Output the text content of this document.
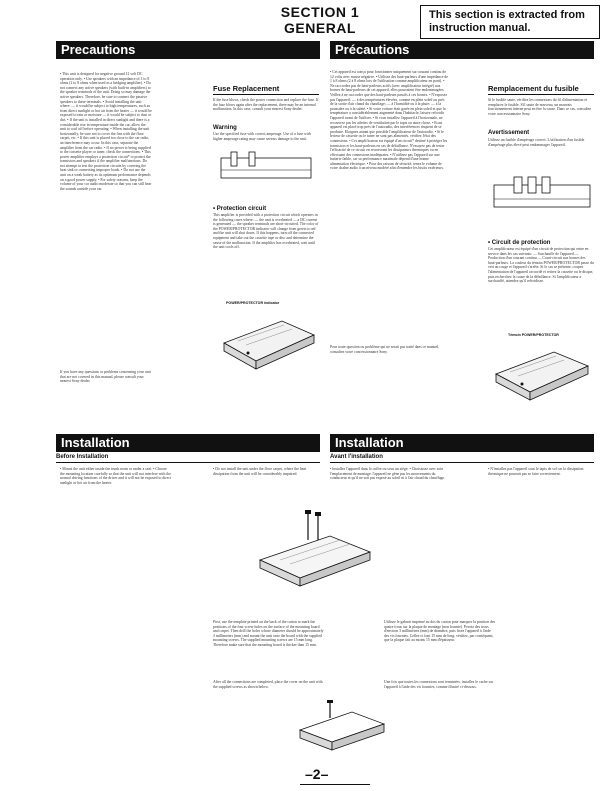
SECTION 1
GENERAL
This section is extracted from instruction manual.
Precautions	Précautions
• This unit is designed for negative ground 12 volt DC operation only. • Use speakers with an impedance of 1 to 8 ohms (2 to 8 ohms when used as a bridging amplifier). • Do not connect any active speakers (with built-in amplifiers) to the speaker terminals of the unit. Doing so may damage the active speakers. Therefore, be sure to connect the passive speakers to these terminals. • Avoid installing the unit where: — it would be subject to high temperatures, such as from direct sunlight or hot air from the heater — it would be exposed to rain or moisture — it would be subject to dust or dirt. • If the unit is installed in direct sunlight and there is a considerable rise in temperature inside the car, allow the unit to cool off before operating. • When installing the unit horizontally, be sure not to cover the fins with the floor carpet, etc. • If this unit is placed too close to the car radio, an interference may occur. In this case, separate the amplifier from the car radio. • If no power is being supplied to the cassette player or tuner, check the connections. • This power amplifier employs a protection circuit* to protect the transistors and speakers if the amplifier malfunctions. Do not attempt to test the protection circuits by covering the heat sink or connecting improper loads. • Do not use the unit on a weak battery as its optimum performance depends on a good power supply. • For safety reasons, keep the volume of your car audio moderate so that you can still hear the sounds outside your car.
If you have any questions or problems concerning your unit that are not covered in this manual, please consult your nearest Sony dealer.
Fuse Replacement
If the fuse blows, check the power connection and replace the fuse. If the fuse blows again after the replacement, there may be an internal malfunction. In this case, consult your nearest Sony dealer.
Warning
Use the specified fuse with correct amperage. Use of a fuse with higher amperage rating may cause serious damage to the unit.
• Protection circuit
This amplifier is provided with a protection circuit which operates in the following cases where: — the unit is overheated — a DC current is generated — the speaker terminals are short-circuited. The color of the POWER/PROTECTOR indicator will change from green to red and the unit will shut down. If this happens, turn off the connected equipment and take out the cassette tape or disc and determine the cause of the malfunction. If the amplifier has overheated, wait until the unit cools off.
POWER/PROTECTOR indicator
• Cet appareil est conçu pour fonctionner uniquement sur courant continu de 12 volts avec masse négative. • Utilisez des haut-parleurs d'une impédance de 1 à 8 ohms (2 à 8 ohms lors de l'utilisation comme amplificateur en pont). • Ne raccordez pas de haut-parleurs actifs (avec amplificateur intégré) aux bornes de haut-parleurs de cet appareil, elles pourraient être endommagées. Veillez à ne raccorder que des haut-parleurs passifs à ces bornes. • N'exposez pas l'appareil: — à des températures élevées, comme en plein soleil ou près de la sortie d'air chaud du chauffage; — à l'humidité ou à la pluie; — à la poussière ou à la saleté. • Si votre voiture était garée en plein soleil et que la température a considérablement augmenté dans l'habitacle, laissez refroidir l'appareil avant de l'utiliser. • Si vous installez l'appareil à l'horizontale, ne recouvrez pas les ailettes de ventilation par le tapis ou autre chose. • Ecart appareil est placé trop près de l'autoradio, des interférences risquent de se produire. Eloignez autant que possible l'amplificateur de l'autoradio. • Si le lecteur de cassette ou le tuner ne sont pas alimentés, vérifiez l'état des connexions. • Cet amplificateur est équipé d'un circuit* destiné à protéger les transistors et les haut-parleurs en cas de défaillance. N'essayez pas de tester l'efficacité de ce circuit en recouvrant les dissipateurs thermiques ou en effectuant des connexions inadéquates. • N'utilisez pas l'appareil sur une batterie faible, car sa performance maximale dépend d'une bonne alimentation électrique. • Pour des raisons de sécurité, tenez le volume de votre chaîne audio à un niveau modéré afin d'entendre les bruits extérieurs.
Pour toute question ou problème qui ne serait pas traité dans ce manuel, consultez votre concessionnaire Sony.
Remplacement du fusible
Si le fusible saute, vérifiez les connexions du fil d'alimentation et remplacez le fusible. S'il saute de nouveau, un mauvais fonctionnement interne peut en être la cause. Dans ce cas, consultez votre concessionnaire Sony.
Avertissement
Utilisez un fusible d'ampérage correct. L'utilisation d'un fusible d'ampérage plus élevé peut endommager l'appareil.
• Circuit de protection
Cet amplificateur est équipé d'un circuit de protection qui entre en service dans les cas suivants: — Surchauffe de l'appareil — Production d'un courant continu — Court-circuit aux bornes des haut-parleurs. La couleur du témoin POWER/PROTECTOR passe du vert au rouge et l'appareil s'arrête. Si le cas se présente, coupez l'alimentation de l'appareil raccordé et retirez la cassette ou le disque, puis recherchez la cause de la défaillance. Si l'amplificateur a surchauffé, attendez qu'il refroidisse.
Témoin POWER/PROTECTOR
Installation	Installation
Before Installation	Avant l'installation
• Mount the unit either inside the trunk room or under a seat. • Choose the mounting location carefully so that the unit will not interfere with the normal driving functions of the driver and it will not be exposed to direct sunlight or hot air from the heater.
• Do not install the unit under the floor carpet, where the heat dissipation from the unit will be considerably impaired.
• Installez l'appareil dans le coffre ou sous un siège. • Choisissez avec soin l'emplacement de montage: l'appareil ne gêne pas les mouvements du conducteur et qu'il ne soit pas exposé au soleil ni à l'air chaud du chauffage.
• N'installez pas l'appareil sous le tapis de sol car la dissipation thermique ne pourrait pas se faire correctement.
First, use the template printed on the back of the carton to mark the positions of the four screw holes on the surface of the mounting board and carpet. Then drill the holes whose diameter should be approximately 3 millimeters (mm) and mount the unit onto the board with the supplied mounting screws. The supplied mounting screws are 15 mm long. Therefore make sure that the mounting board is thicker than 15 mm.
After all the connections are completed, place the cover on the unit with the supplied screws as shown below.
Utilisez le gabarit imprimé au dos du carton pour marquer la position des quatre trous sur la plaque de montage (non fournie). Percez des trous d'environ 3 millimètres (mm) de diamètre, puis fixez l'appareil à l'aide des vis fournies. Celles-ci font 15 mm de long: vérifiez, par conséquent, que la plaque fait au moins 15 mm d'épaisseur.
Une fois que toutes les connexions sont terminées, installez le cache sur l'appareil à l'aide des vis fournies, comme illustré ci-dessous.
–2–
